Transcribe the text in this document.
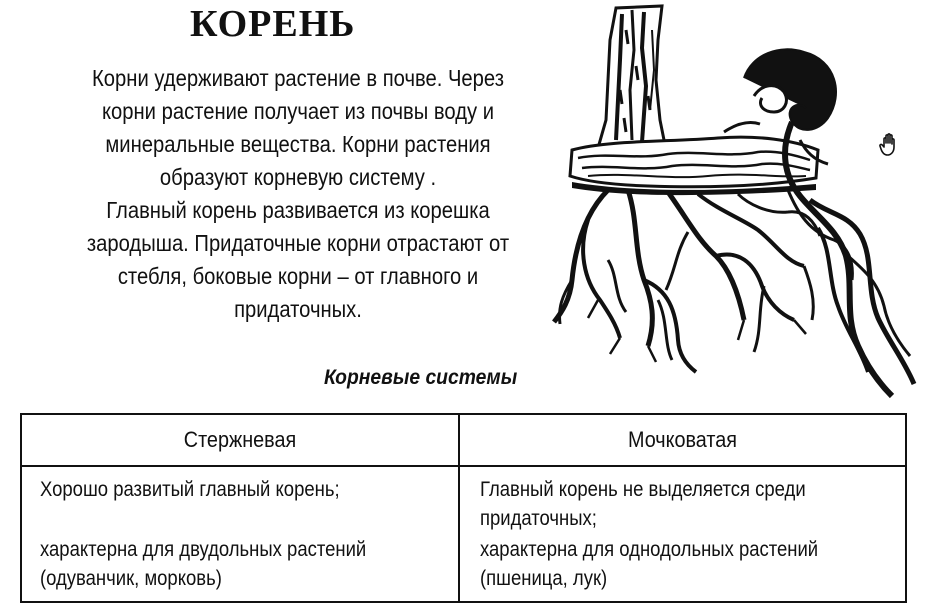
КОРЕНЬ
Корни удерживают растение в почве. Через
корни растение получает из почвы воду и
минеральные вещества. Корни растения
образуют корневую систему .
Главный корень развивается из корешка
зародыша. Придаточные корни отрастают от
стебля, боковые корни – от главного и
придаточных.
Корневые системы
Стержневая	Мочковатая
Хорошо развитый главный корень;
характерна для двудольных растений
(одуванчик, морковь)
Главный корень не выделяется среди
придаточных;
характерна для однодольных растений
(пшеница, лук)
